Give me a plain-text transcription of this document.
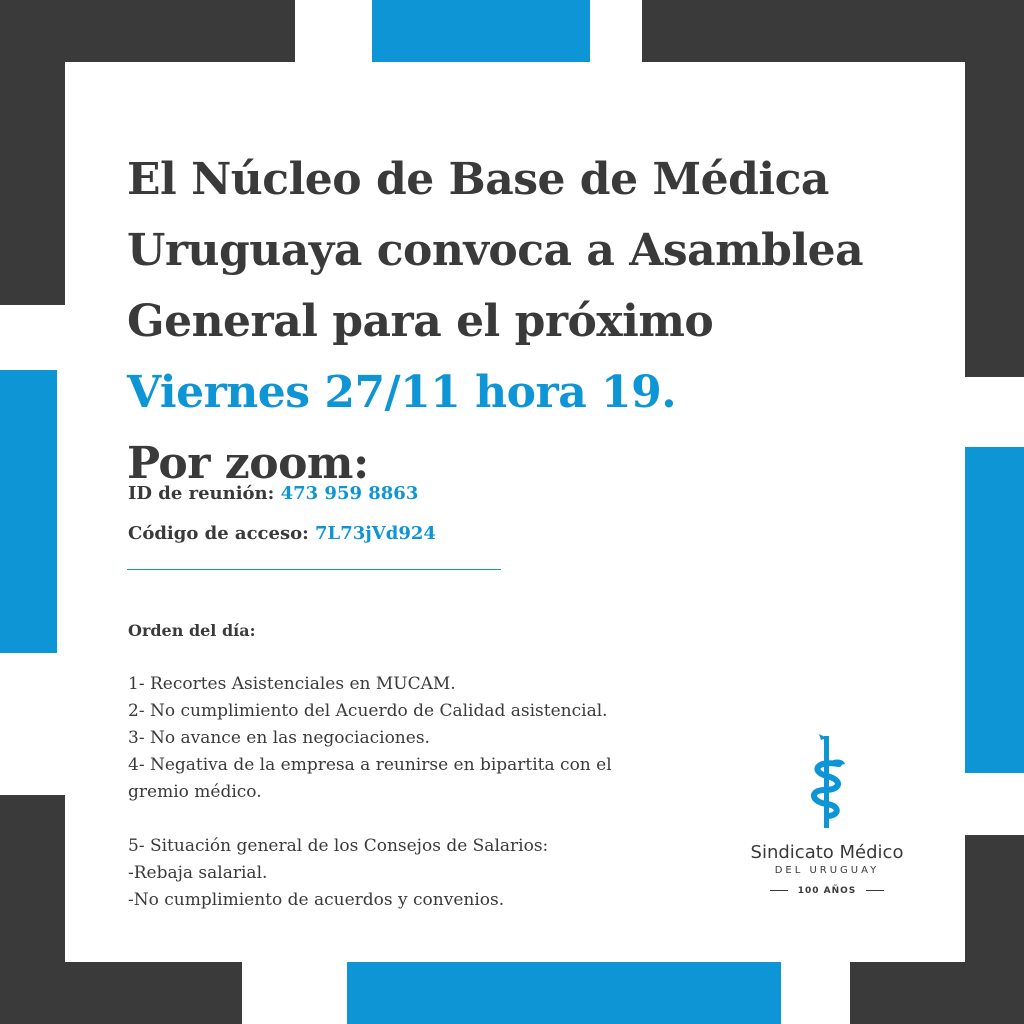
El Núcleo de Base de Médica
Uruguaya convoca a Asamblea
General para el próximo
Viernes 27/11 hora 19.
Por zoom:
ID de reunión: 473 959 8863
Código de acceso: 7L73jVd924
Orden del día:
1- Recortes Asistenciales en MUCAM.
2- No cumplimiento del Acuerdo de Calidad asistencial.
3- No avance en las negociaciones.
4- Negativa de la empresa a reunirse en bipartita con el
gremio médico.
5- Situación general de los Consejos de Salarios:
-Rebaja salarial.
-No cumplimiento de acuerdos y convenios.
Sindicato Médico
DEL URUGUAY
100 AÑOS
